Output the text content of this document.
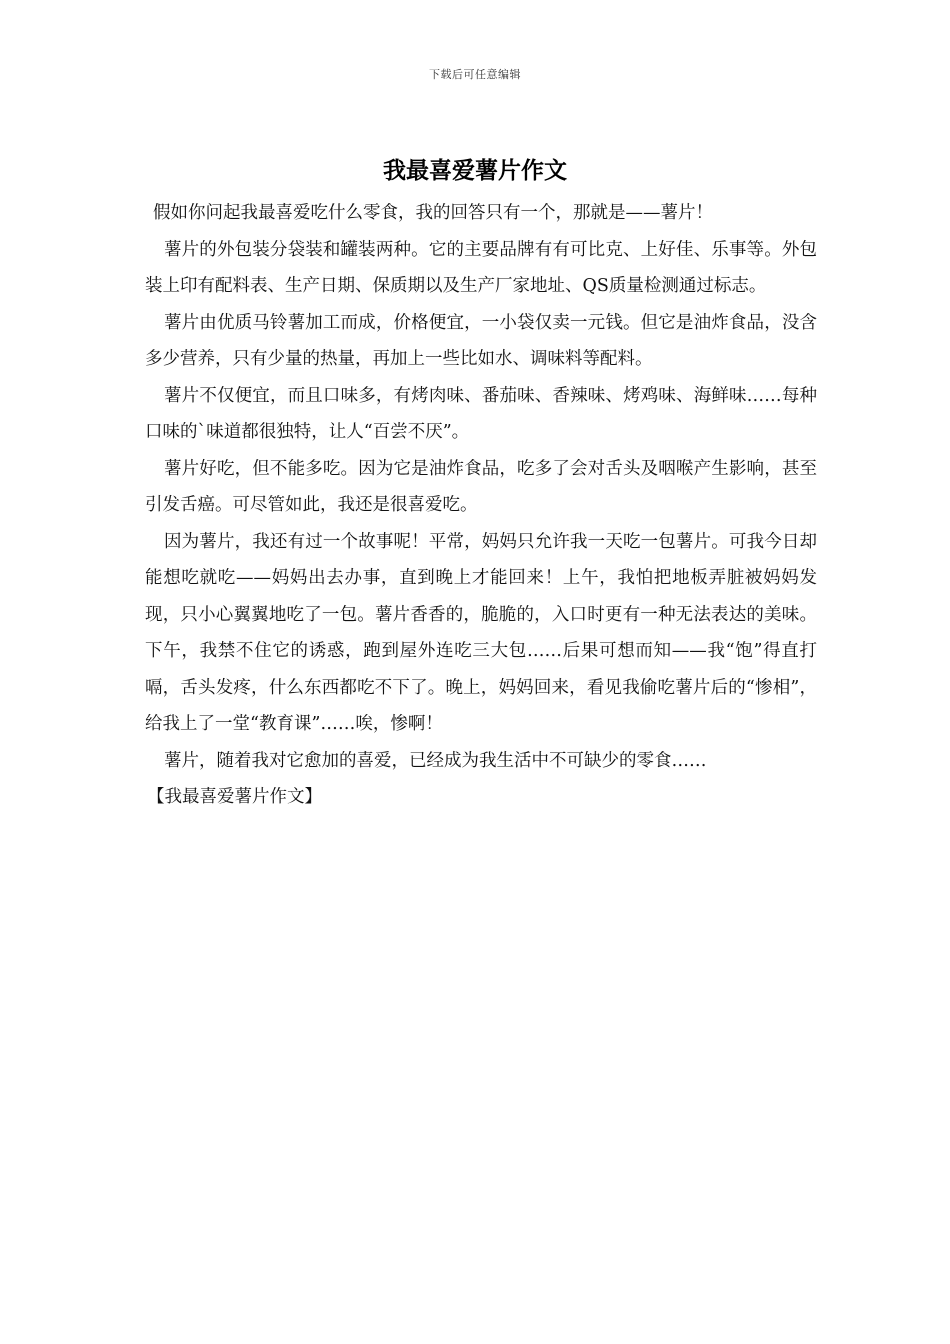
下载后可任意编辑
我最喜爱薯片作文

假如你问起我最喜爱吃什么零食，我的回答只有一个，那就是——薯片！

薯片的外包装分袋装和罐装两种。它的主要品牌有有可比克、上好佳、乐事等。外包装上印有配料表、生产日期、保质期以及生产厂家地址、QS质量检测通过标志。

薯片由优质马铃薯加工而成，价格便宜，一小袋仅卖一元钱。但它是油炸食品，没含多少营养，只有少量的热量，再加上一些比如水、调味料等配料。

薯片不仅便宜，而且口味多，有烤肉味、番茄味、香辣味、烤鸡味、海鲜味……每种口味的`味道都很独特，让人“百尝不厌”。

薯片好吃，但不能多吃。因为它是油炸食品，吃多了会对舌头及咽喉产生影响，甚至引发舌癌。可尽管如此，我还是很喜爱吃。

因为薯片，我还有过一个故事呢！平常，妈妈只允许我一天吃一包薯片。可我今日却能想吃就吃——妈妈出去办事，直到晚上才能回来！上午，我怕把地板弄脏被妈妈发现，只小心翼翼地吃了一包。薯片香香的，脆脆的，入口时更有一种无法表达的美味。下午，我禁不住它的诱惑，跑到屋外连吃三大包……后果可想而知——我“饱”得直打嗝，舌头发疼，什么东西都吃不下了。晚上，妈妈回来，看见我偷吃薯片后的“惨相”，给我上了一堂“教育课”……唉，惨啊！

薯片，随着我对它愈加的喜爱，已经成为我生活中不可缺少的零食……

【我最喜爱薯片作文】
